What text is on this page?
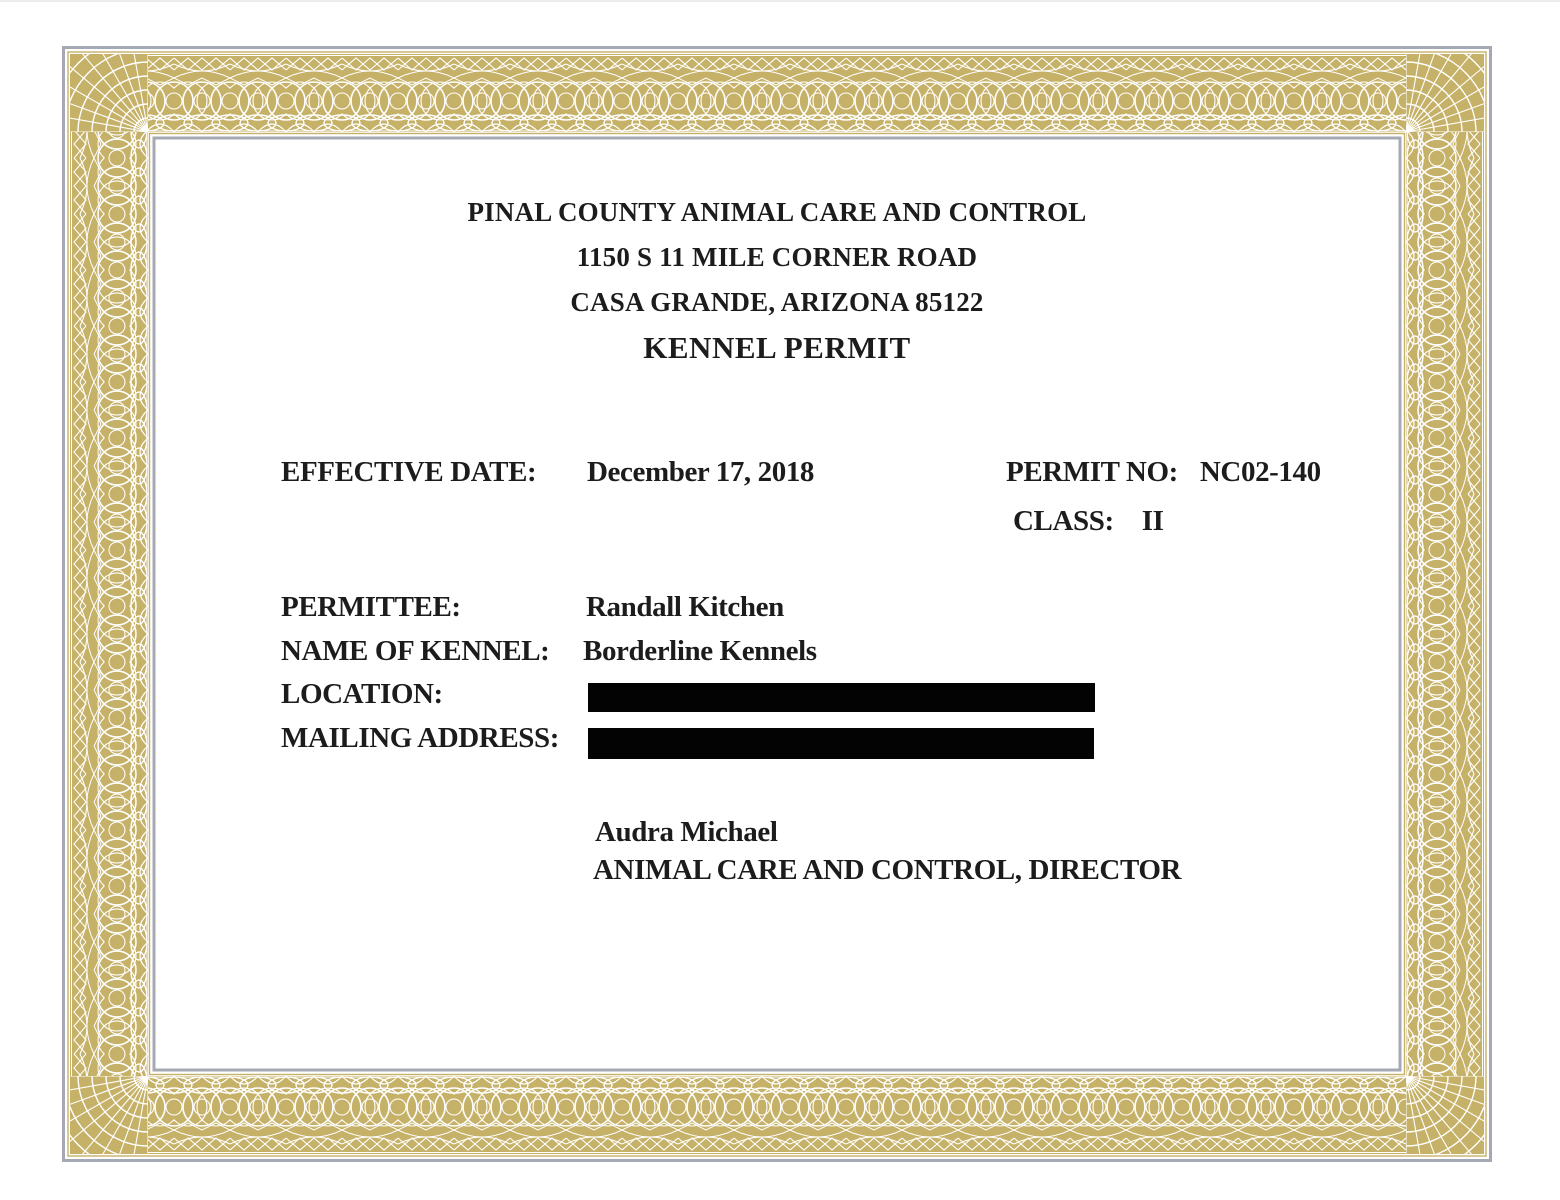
PINAL COUNTY ANIMAL CARE AND CONTROL
1150 S 11 MILE CORNER ROAD
CASA GRANDE, ARIZONA 85122
KENNEL PERMIT
EFFECTIVE DATE: December 17, 2018	PERMIT NO: NC02-140
CLASS: II
PERMITTEE:	Randall Kitchen
NAME OF KENNEL: Borderline Kennels
LOCATION:
MAILING ADDRESS:
Audra Michael
ANIMAL CARE AND CONTROL, DIRECTOR
